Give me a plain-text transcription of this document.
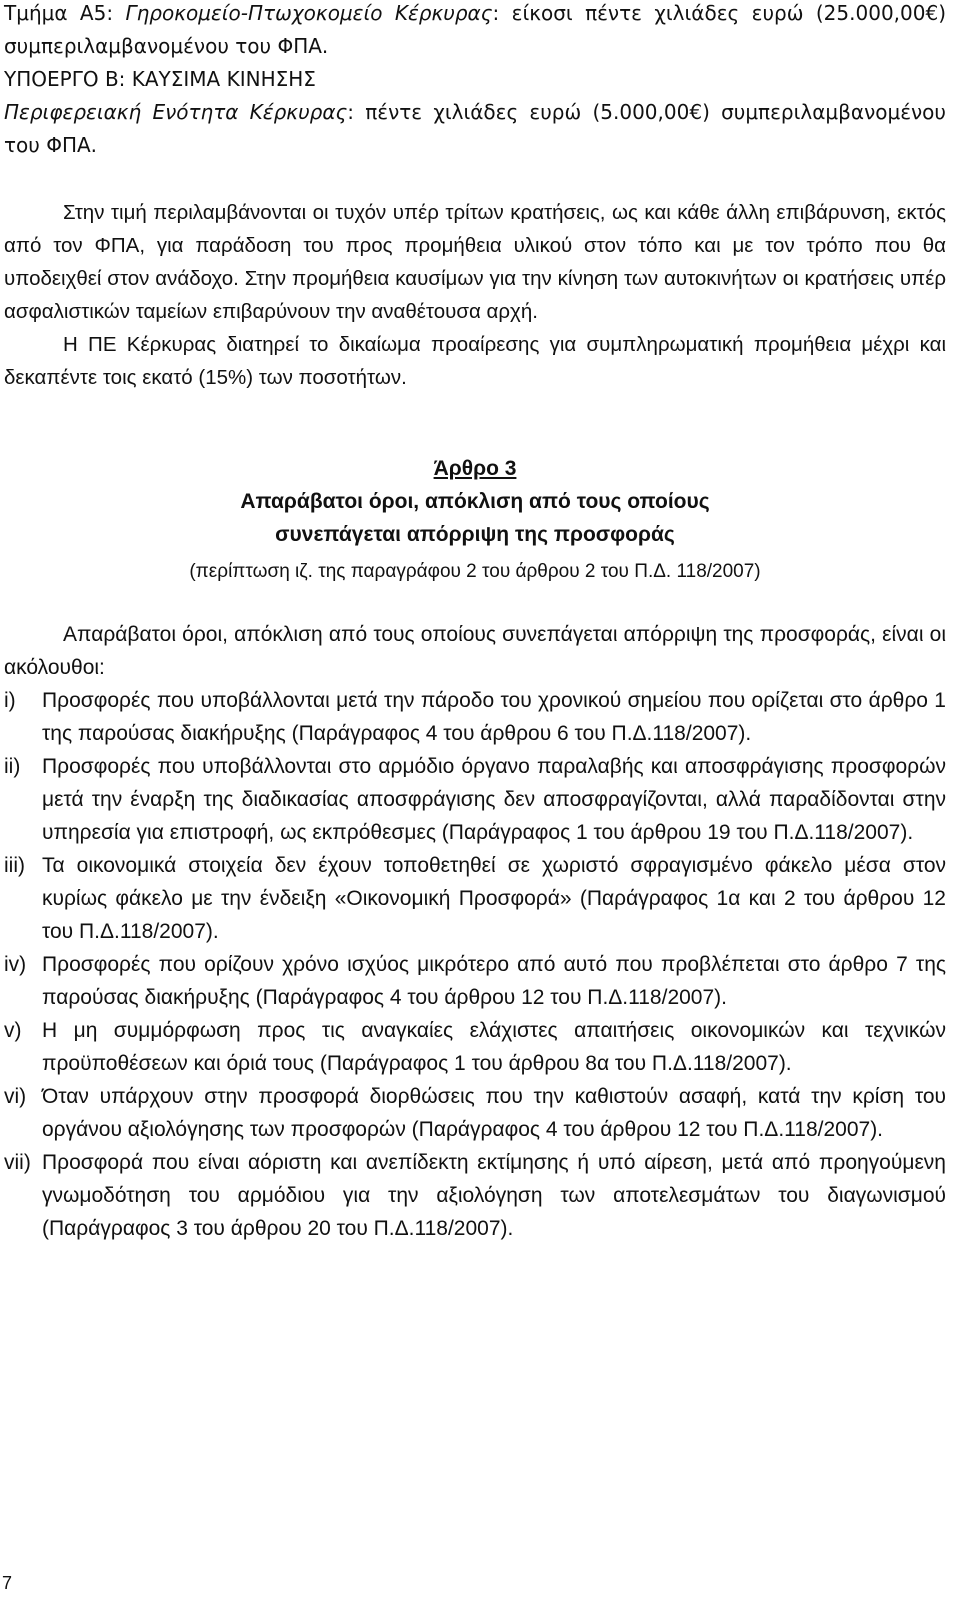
Τμήμα Α5: Γηροκομείο-Πτωχοκομείο Κέρκυρας: είκοσι πέντε χιλιάδες ευρώ (25.000,00€) συμπεριλαμβανομένου του ΦΠΑ.

ΥΠΟΕΡΓΟ Β: ΚΑΥΣΙΜΑ ΚΙΝΗΣΗΣ

Περιφερειακή Ενότητα Κέρκυρας: πέντε χιλιάδες ευρώ (5.000,00€) συμπεριλαμβανομένου του ΦΠΑ.

Στην τιμή περιλαμβάνονται οι τυχόν υπέρ τρίτων κρατήσεις, ως και κάθε άλλη επιβάρυνση, εκτός από τον ΦΠΑ, για παράδοση του προς προμήθεια υλικού στον τόπο και με τον τρόπο που θα υποδειχθεί στον ανάδοχο. Στην προμήθεια καυσίμων για την κίνηση των αυτοκινήτων οι κρατήσεις υπέρ ασφαλιστικών ταμείων επιβαρύνουν την αναθέτουσα αρχή.

Η ΠΕ Κέρκυρας διατηρεί το δικαίωμα προαίρεσης για συμπληρωματική προμήθεια μέχρι και δεκαπέντε τοις εκατό (15%) των ποσοτήτων.

Άρθρο 3
Απαράβατοι όροι, απόκλιση από τους οποίους
συνεπάγεται απόρριψη της προσφοράς
(περίπτωση ιζ. της παραγράφου 2 του άρθρου 2 του Π.Δ. 118/2007)

Απαράβατοι όροι, απόκλιση από τους οποίους συνεπάγεται απόρριψη της προσφοράς, είναι οι ακόλουθοι:

i)	Προσφορές που υποβάλλονται μετά την πάροδο του χρονικού σημείου που ορίζεται στο άρθρο 1 της παρούσας διακήρυξης (Παράγραφος 4 του άρθρου 6 του Π.Δ.118/2007).
ii)	Προσφορές που υποβάλλονται στο αρμόδιο όργανο παραλαβής και αποσφράγισης προσφορών μετά την έναρξη της διαδικασίας αποσφράγισης δεν αποσφραγίζονται, αλλά παραδίδονται στην υπηρεσία για επιστροφή, ως εκπρόθεσμες (Παράγραφος 1 του άρθρου 19 του Π.Δ.118/2007).
iii) Τα οικονομικά στοιχεία δεν έχουν τοποθετηθεί σε χωριστό σφραγισμένο φάκελο μέσα στον κυρίως φάκελο με την ένδειξη «Οικονομική Προσφορά» (Παράγραφος 1α και 2 του άρθρου 12 του Π.Δ.118/2007).
iv) Προσφορές που ορίζουν χρόνο ισχύος μικρότερο από αυτό που προβλέπεται στο άρθρο 7 της παρούσας διακήρυξης (Παράγραφος 4 του άρθρου 12 του Π.Δ.118/2007).
v) Η μη συμμόρφωση προς τις αναγκαίες ελάχιστες απαιτήσεις οικονομικών και τεχνικών προϋποθέσεων και όριά τους (Παράγραφος 1 του άρθρου 8α του Π.Δ.118/2007).
vi) Όταν υπάρχουν στην προσφορά διορθώσεις που την καθιστούν ασαφή, κατά την κρίση του οργάνου αξιολόγησης των προσφορών (Παράγραφος 4 του άρθρου 12 του Π.Δ.118/2007).
vii) Προσφορά που είναι αόριστη και ανεπίδεκτη εκτίμησης ή υπό αίρεση, μετά από προηγούμενη γνωμοδότηση του αρμόδιου για την αξιολόγηση των αποτελεσμάτων του διαγωνισμού (Παράγραφος 3 του άρθρου 20 του Π.Δ.118/2007).
7
